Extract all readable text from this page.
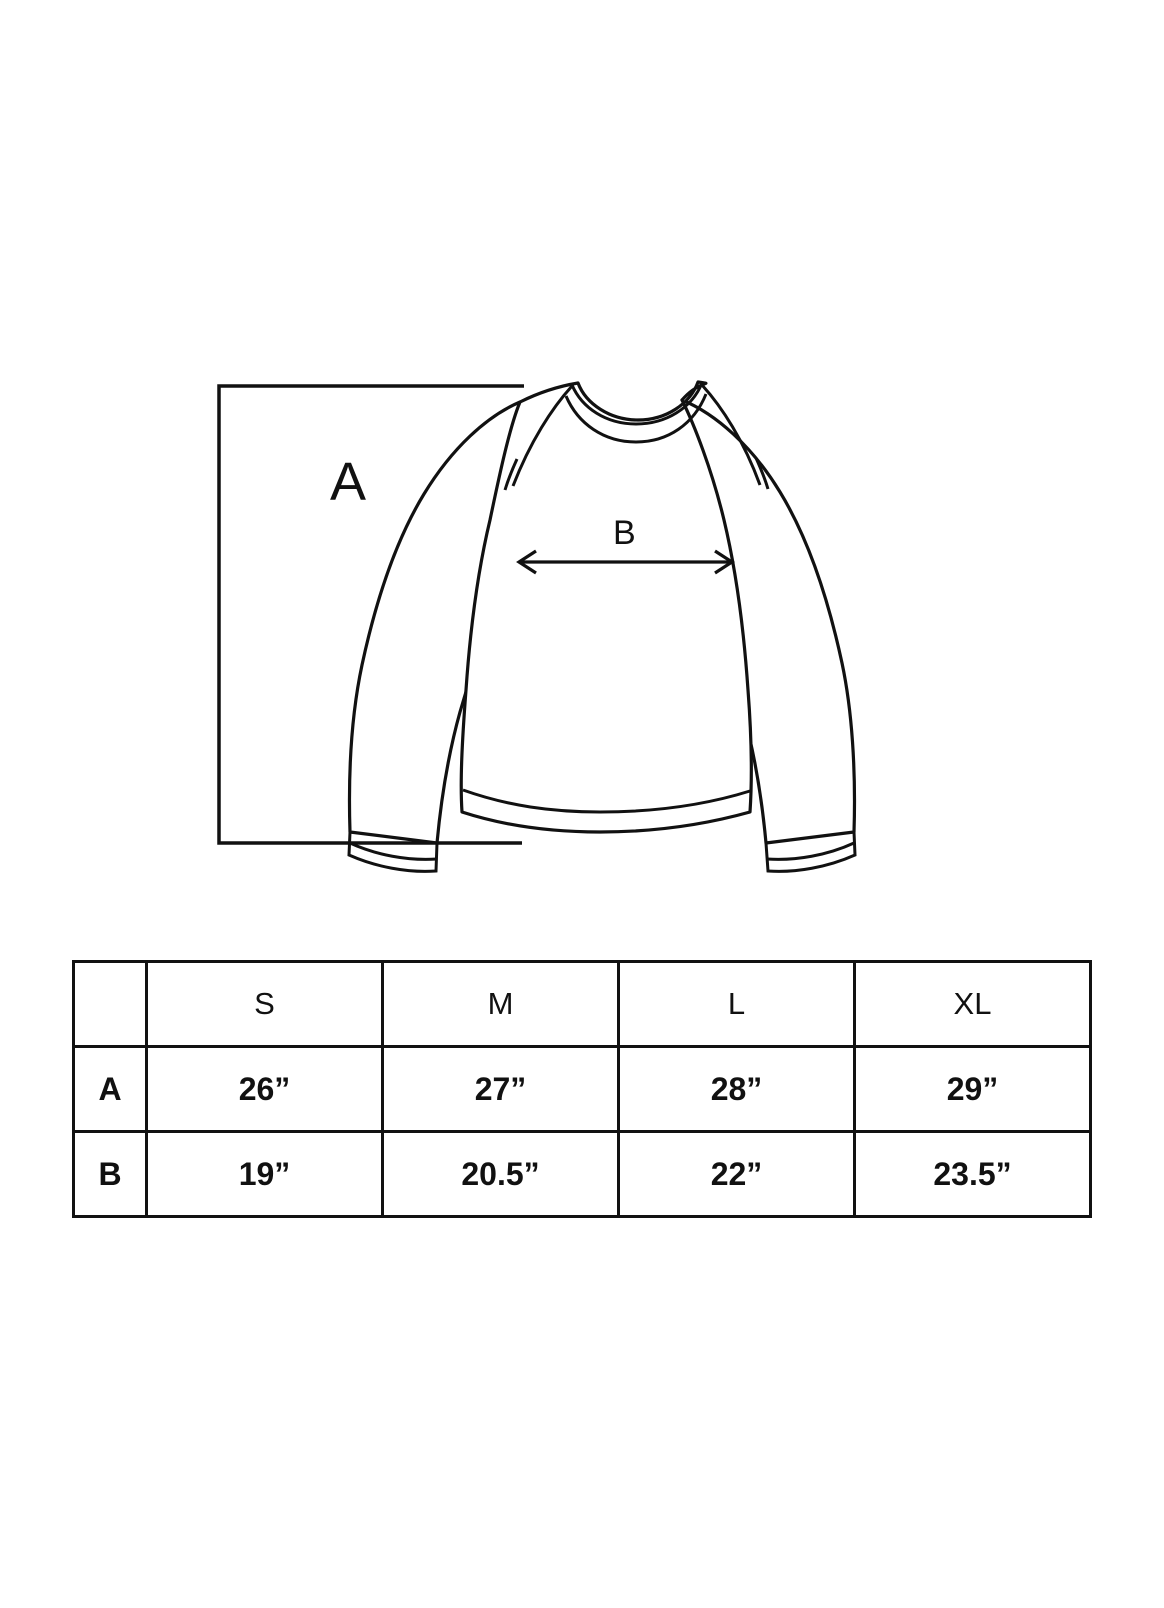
A
B
	S	M	L	XL
A	26”	27”	28”	29”
B	19”	20.5”	22”	23.5”
